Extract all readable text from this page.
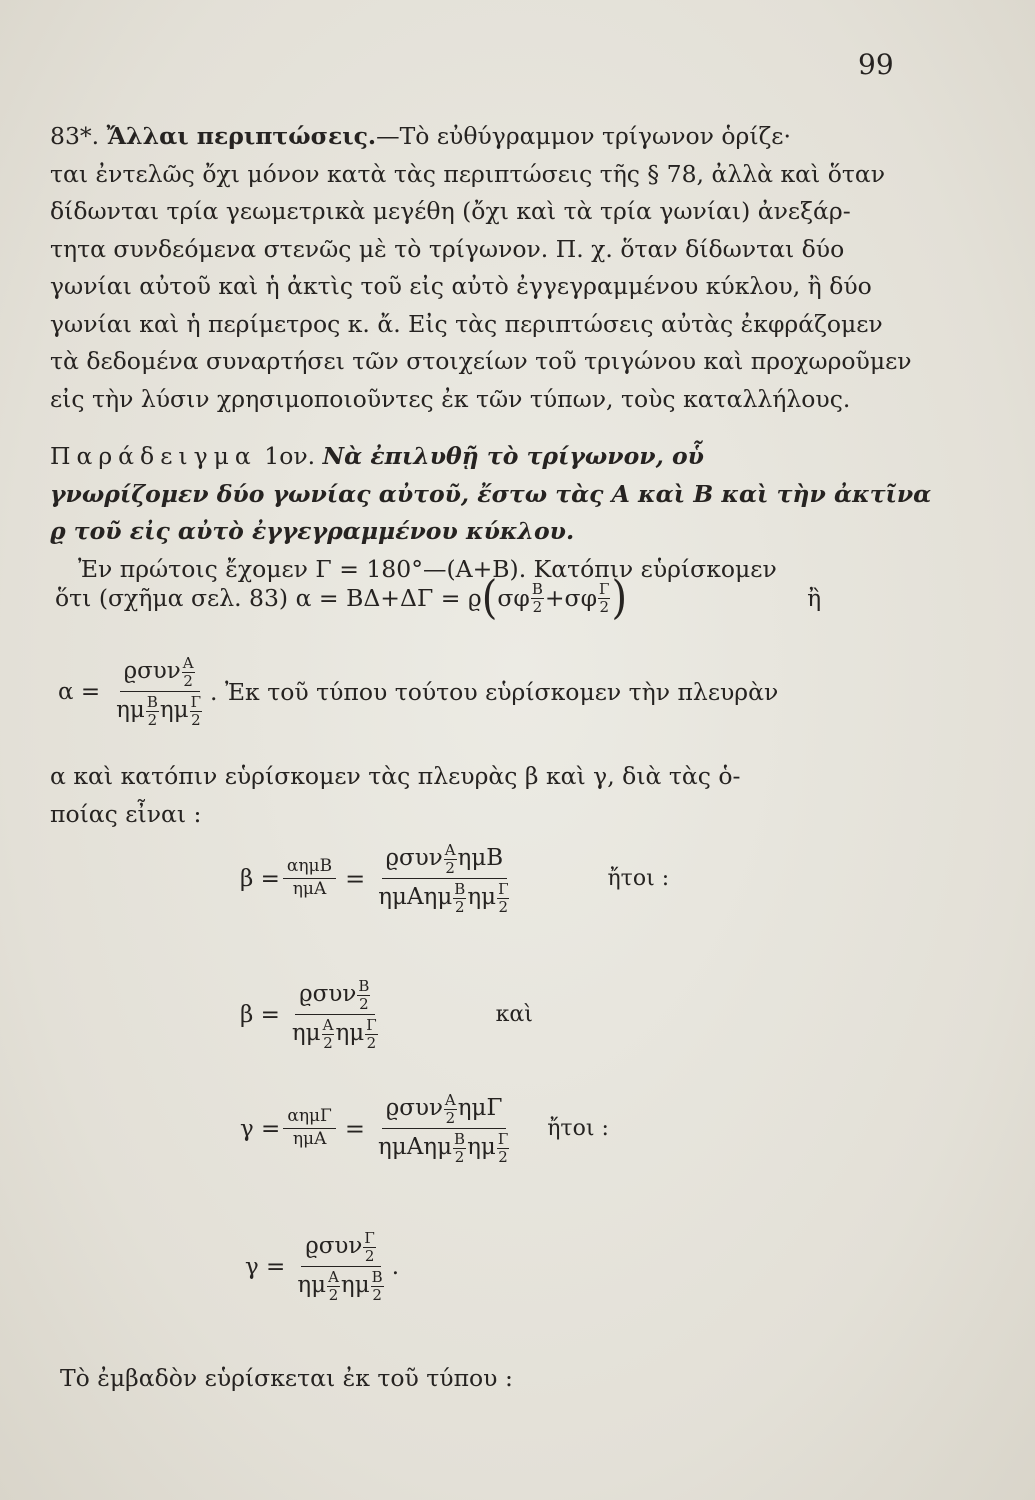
99
83*. Ἄλλαι περιπτώσεις.—Τὸ εὐθύγραμμον τρίγωνον ὁρίζε·
ται ἐντελῶς ὄχι μόνον κατὰ τὰς περιπτώσεις τῆς § 78, ἀλλὰ καὶ ὅταν
δίδωνται τρία γεωμετρικὰ μεγέθη (ὄχι καὶ τὰ τρία γωνίαι) ἀνεξάρ-
τητα συνδεόμενα στενῶς μὲ τὸ τρίγωνον. Π. χ. ὅταν δίδωνται δύο
γωνίαι αὐτοῦ καὶ ἡ ἀκτὶς τοῦ εἰς αὐτὸ ἐγγεγραμμένου κύκλου, ἢ δύο
γωνίαι καὶ ἡ περίμετρος κ. ἄ. Εἰς τὰς περιπτώσεις αὐτὰς ἐκφράζομεν
τὰ δεδομένα συναρτήσει τῶν στοιχείων τοῦ τριγώνου καὶ προχωροῦμεν
εἰς τὴν λύσιν χρησιμοποιοῦντες ἐκ τῶν τύπων, τοὺς καταλλήλους.
Παράδειγμα 1ον. Νὰ ἐπιλυθῇ τὸ τρίγωνον, οὗ
γνωρίζομεν δύο γωνίας αὐτοῦ, ἔστω τὰς Α καὶ Β καὶ τὴν ἀκτῖνα
ϱ τοῦ εἰς αὐτὸ ἐγγεγραμμένου κύκλου.
Ἐν πρώτοις ἔχομεν Γ = 180°—(Α+Β). Κατόπιν εὑρίσκομεν
ὅτι (σχῆμα σελ. 83) α = ΒΔ+ΔΓ = ϱ ( σφ $\frac{B}{2} +\sigma\varphi \frac{\Gamma}{2}$ )	ἢ
$\alpha = \frac{ϱ\sigma\upsilon\nu \frac{A}{2}}{\eta\mu \frac{B}{2} \eta\mu \frac{\Gamma}{2}}$ . Ἐκ τοῦ τύπου τούτου εὑρίσκομεν τὴν πλευρὰν
α καὶ κατόπιν εὑρίσκομεν τὰς πλευρὰς β καὶ γ, διὰ τὰς ὁ-
ποίας εἶναι :
$\beta = \frac{\text{αημΒ}}{\text{ημΑ}} = \frac{ϱ\sigma\upsilon\nu \frac{A}{2} \eta\mu B}{\eta\mu A\eta\mu \frac{B}{2} \eta\mu \frac{\Gamma}{2}}$	ἤτοι :
$\beta = \frac{ϱ\sigma\upsilon\nu \frac{B}{2}}{\eta\mu \frac{A}{2} \eta\mu \frac{\Gamma}{2}}$	καὶ
$\gamma = \frac{\text{αημΓ}}{\text{ημΑ}} = \frac{ϱ\sigma\upsilon\nu \frac{A}{2} \eta\mu\Gamma}{\eta\mu A\eta\mu \frac{B}{2} \eta\mu \frac{\Gamma}{2}}$ ἤτοι :
$\gamma = \frac{ϱ\sigma\upsilon\nu \frac{\Gamma}{2}}{\eta\mu \frac{A}{2} \eta\mu \frac{B}{2}}$ .
Τὸ ἐμβαδὸν εὑρίσκεται ἐκ τοῦ τύπου :
